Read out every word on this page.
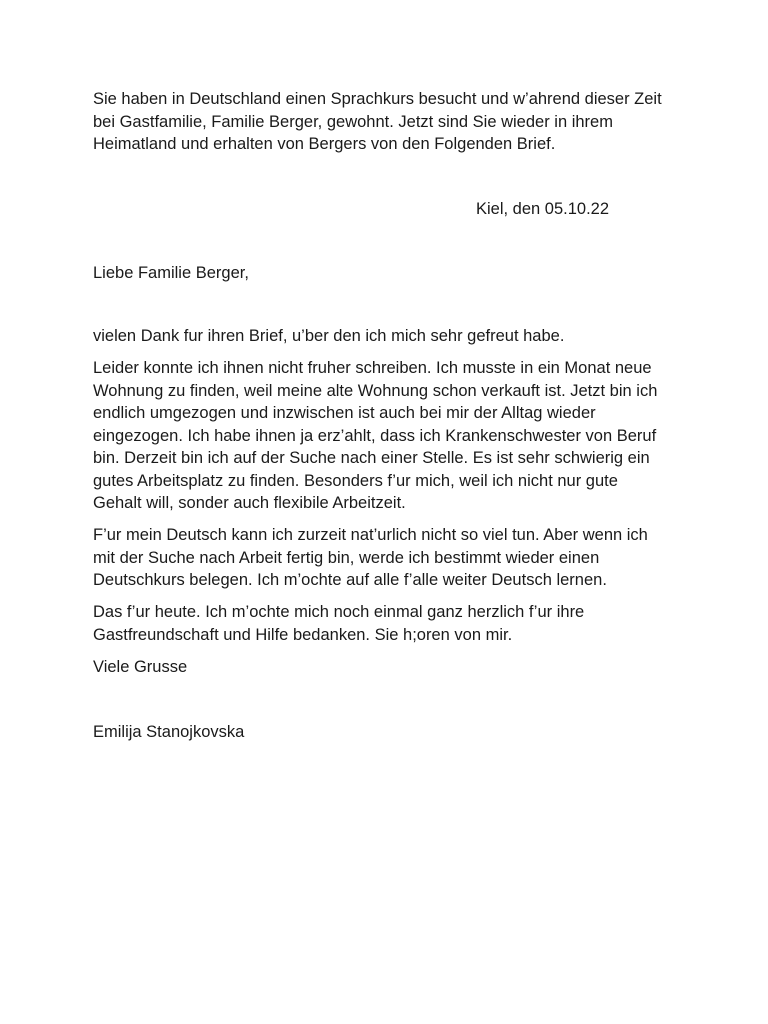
Sie haben in Deutschland einen Sprachkurs besucht und w’ahrend dieser Zeit
bei Gastfamilie, Familie Berger, gewohnt. Jetzt sind Sie wieder in ihrem
Heimatland und erhalten von Bergers von den Folgenden Brief.

Kiel, den 05.10.22

Liebe Familie Berger,

vielen Dank fur ihren Brief, u’ber den ich mich sehr gefreut habe.

Leider konnte ich ihnen nicht fruher schreiben. Ich musste in ein Monat neue
Wohnung zu finden, weil meine alte Wohnung schon verkauft ist. Jetzt bin ich
endlich umgezogen und inzwischen ist auch bei mir der Alltag wieder
eingezogen. Ich habe ihnen ja erz’ahlt, dass ich Krankenschwester von Beruf
bin. Derzeit bin ich auf der Suche nach einer Stelle. Es ist sehr schwierig ein
gutes Arbeitsplatz zu finden. Besonders f’ur mich, weil ich nicht nur gute
Gehalt will, sonder auch flexibile Arbeitzeit.

F’ur mein Deutsch kann ich zurzeit nat’urlich nicht so viel tun. Aber wenn ich
mit der Suche nach Arbeit fertig bin, werde ich bestimmt wieder einen
Deutschkurs belegen. Ich m’ochte auf alle f’alle weiter Deutsch lernen.

Das f’ur heute. Ich m’ochte mich noch einmal ganz herzlich f’ur ihre
Gastfreundschaft und Hilfe bedanken. Sie h;oren von mir.

Viele Grusse

Emilija Stanojkovska
